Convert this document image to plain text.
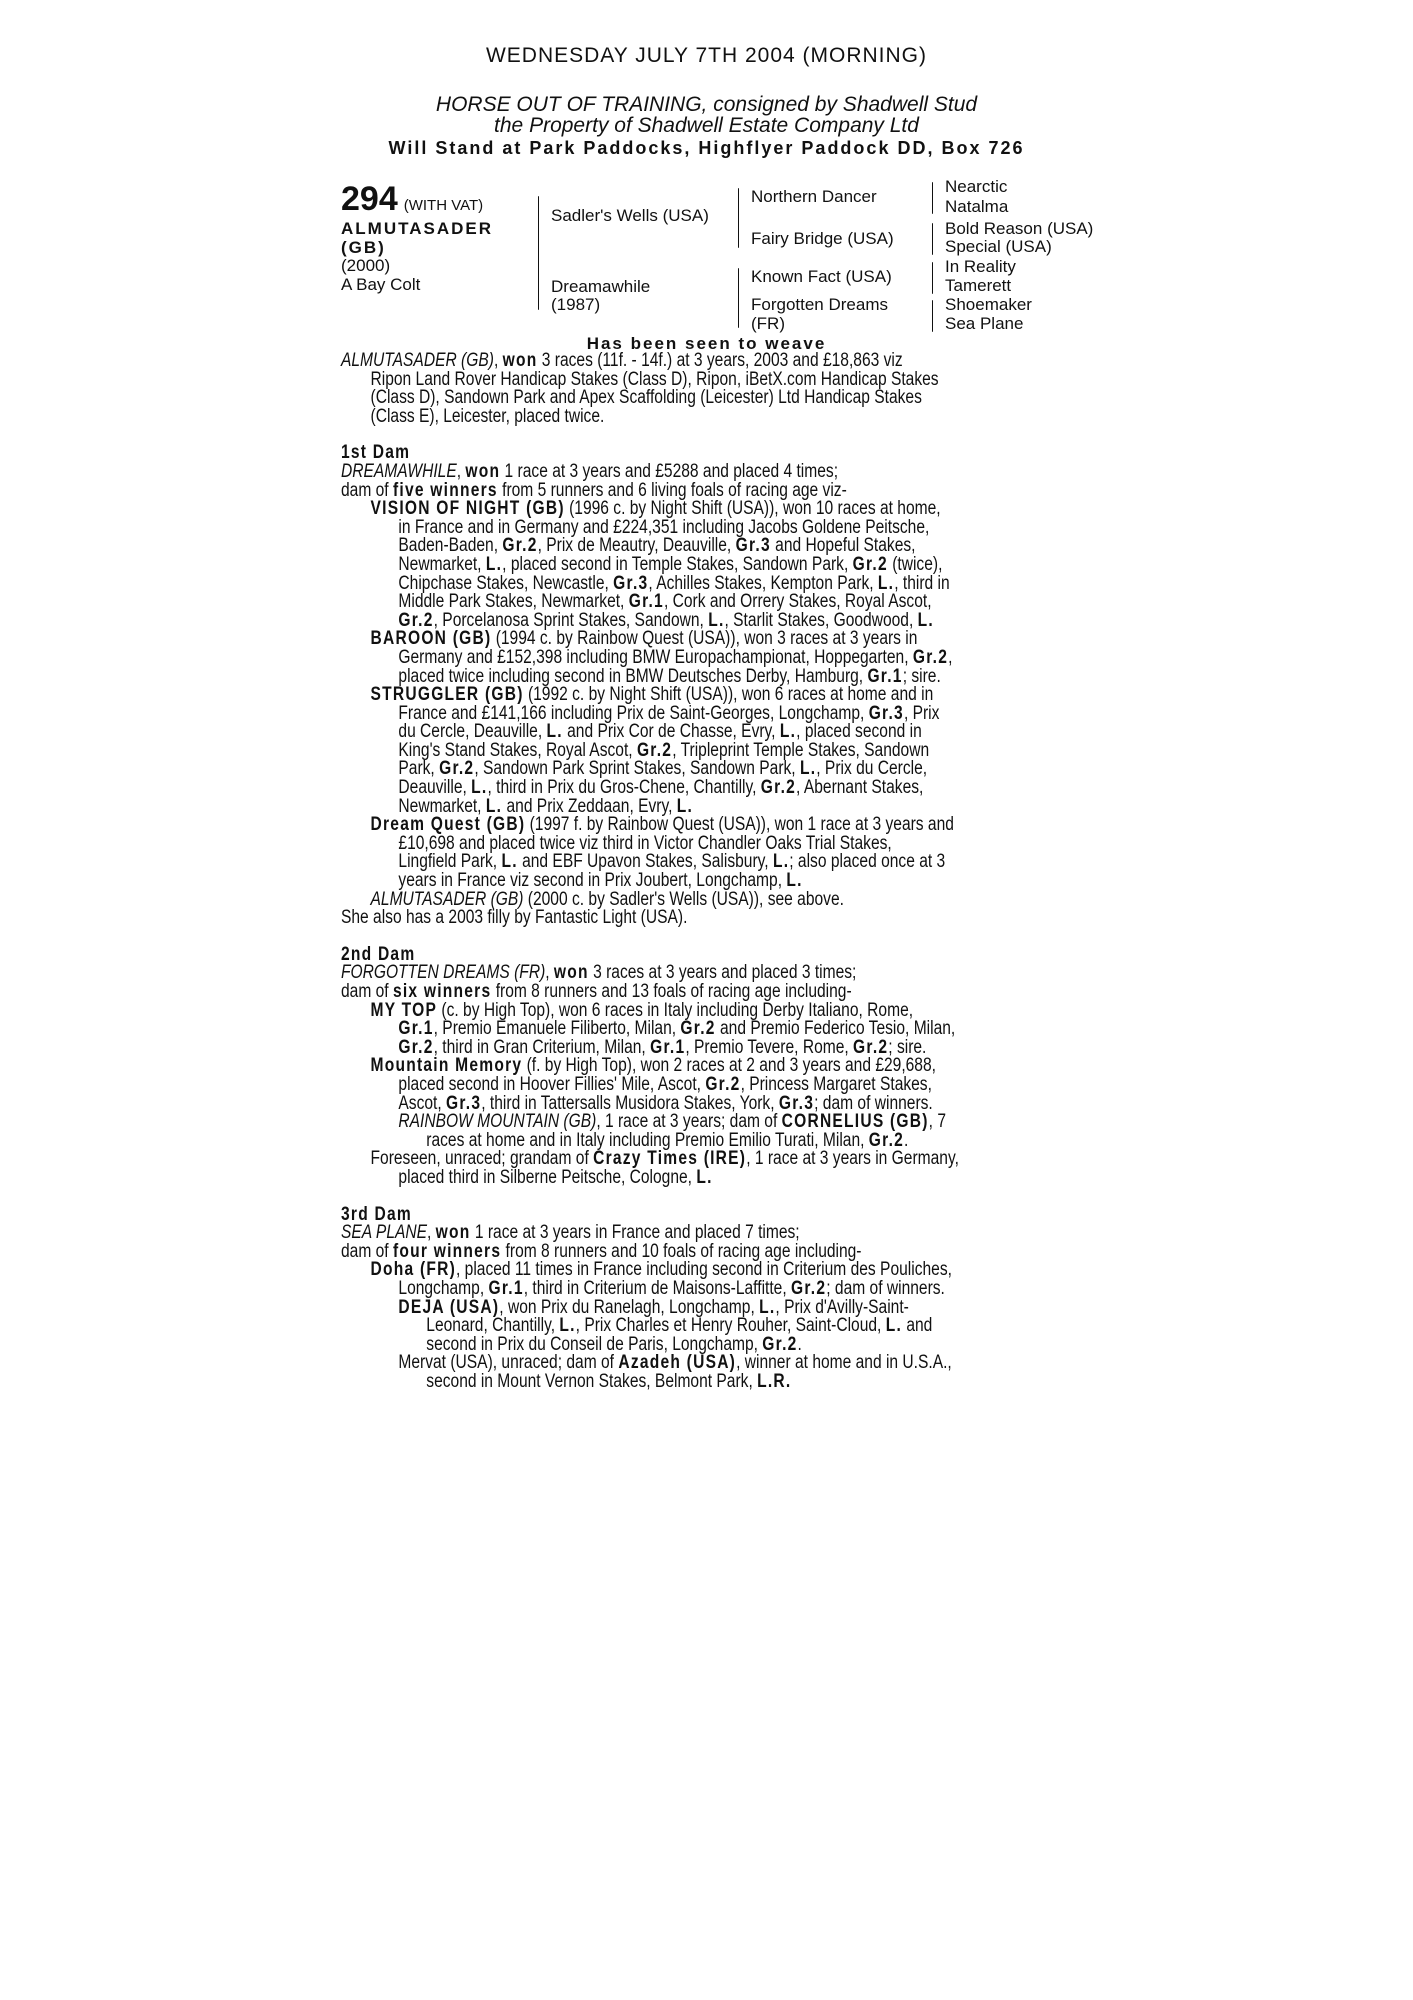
WEDNESDAY JULY 7TH 2004 (MORNING)
HORSE OUT OF TRAINING, consigned by Shadwell Stud
the Property of Shadwell Estate Company Ltd
Will Stand at Park Paddocks, Highflyer Paddock DD, Box 726
294 (WITH VAT)
ALMUTASADER
(GB)
(2000)
A Bay Colt
Sadler's Wells (USA)
Dreamawhile
(1987)
Northern Dancer
Fairy Bridge (USA)
Known Fact (USA)
Forgotten Dreams
(FR)
Nearctic
Natalma
Bold Reason (USA)
Special (USA)
In Reality
Tamerett
Shoemaker
Sea Plane
Has been seen to weave
ALMUTASADER (GB), won 3 races (11f. - 14f.) at 3 years, 2003 and £18,863 viz
Ripon Land Rover Handicap Stakes (Class D), Ripon, iBetX.com Handicap Stakes
(Class D), Sandown Park and Apex Scaffolding (Leicester) Ltd Handicap Stakes
(Class E), Leicester, placed twice.
1st Dam
DREAMAWHILE, won 1 race at 3 years and £5288 and placed 4 times;
dam of five winners from 5 runners and 6 living foals of racing age viz-
VISION OF NIGHT (GB) (1996 c. by Night Shift (USA)), won 10 races at home,
in France and in Germany and £224,351 including Jacobs Goldene Peitsche,
Baden-Baden, Gr.2, Prix de Meautry, Deauville, Gr.3 and Hopeful Stakes,
Newmarket, L., placed second in Temple Stakes, Sandown Park, Gr.2 (twice),
Chipchase Stakes, Newcastle, Gr.3, Achilles Stakes, Kempton Park, L., third in
Middle Park Stakes, Newmarket, Gr.1, Cork and Orrery Stakes, Royal Ascot,
Gr.2, Porcelanosa Sprint Stakes, Sandown, L., Starlit Stakes, Goodwood, L.
BAROON (GB) (1994 c. by Rainbow Quest (USA)), won 3 races at 3 years in
Germany and £152,398 including BMW Europachampionat, Hoppegarten, Gr.2,
placed twice including second in BMW Deutsches Derby, Hamburg, Gr.1; sire.
STRUGGLER (GB) (1992 c. by Night Shift (USA)), won 6 races at home and in
France and £141,166 including Prix de Saint-Georges, Longchamp, Gr.3, Prix
du Cercle, Deauville, L. and Prix Cor de Chasse, Evry, L., placed second in
King's Stand Stakes, Royal Ascot, Gr.2, Tripleprint Temple Stakes, Sandown
Park, Gr.2, Sandown Park Sprint Stakes, Sandown Park, L., Prix du Cercle,
Deauville, L., third in Prix du Gros-Chene, Chantilly, Gr.2, Abernant Stakes,
Newmarket, L. and Prix Zeddaan, Evry, L.
Dream Quest (GB) (1997 f. by Rainbow Quest (USA)), won 1 race at 3 years and
£10,698 and placed twice viz third in Victor Chandler Oaks Trial Stakes,
Lingfield Park, L. and EBF Upavon Stakes, Salisbury, L.; also placed once at 3
years in France viz second in Prix Joubert, Longchamp, L.
ALMUTASADER (GB) (2000 c. by Sadler's Wells (USA)), see above.
She also has a 2003 filly by Fantastic Light (USA).
2nd Dam
FORGOTTEN DREAMS (FR), won 3 races at 3 years and placed 3 times;
dam of six winners from 8 runners and 13 foals of racing age including-
MY TOP (c. by High Top), won 6 races in Italy including Derby Italiano, Rome,
Gr.1, Premio Emanuele Filiberto, Milan, Gr.2 and Premio Federico Tesio, Milan,
Gr.2, third in Gran Criterium, Milan, Gr.1, Premio Tevere, Rome, Gr.2; sire.
Mountain Memory (f. by High Top), won 2 races at 2 and 3 years and £29,688,
placed second in Hoover Fillies' Mile, Ascot, Gr.2, Princess Margaret Stakes,
Ascot, Gr.3, third in Tattersalls Musidora Stakes, York, Gr.3; dam of winners.
RAINBOW MOUNTAIN (GB), 1 race at 3 years; dam of CORNELIUS (GB), 7
races at home and in Italy including Premio Emilio Turati, Milan, Gr.2.
Foreseen, unraced; grandam of Crazy Times (IRE), 1 race at 3 years in Germany,
placed third in Silberne Peitsche, Cologne, L.
3rd Dam
SEA PLANE, won 1 race at 3 years in France and placed 7 times;
dam of four winners from 8 runners and 10 foals of racing age including-
Doha (FR), placed 11 times in France including second in Criterium des Pouliches,
Longchamp, Gr.1, third in Criterium de Maisons-Laffitte, Gr.2; dam of winners.
DEJA (USA), won Prix du Ranelagh, Longchamp, L., Prix d'Avilly-Saint-
Leonard, Chantilly, L., Prix Charles et Henry Rouher, Saint-Cloud, L. and
second in Prix du Conseil de Paris, Longchamp, Gr.2.
Mervat (USA), unraced; dam of Azadeh (USA), winner at home and in U.S.A.,
second in Mount Vernon Stakes, Belmont Park, L.R.
